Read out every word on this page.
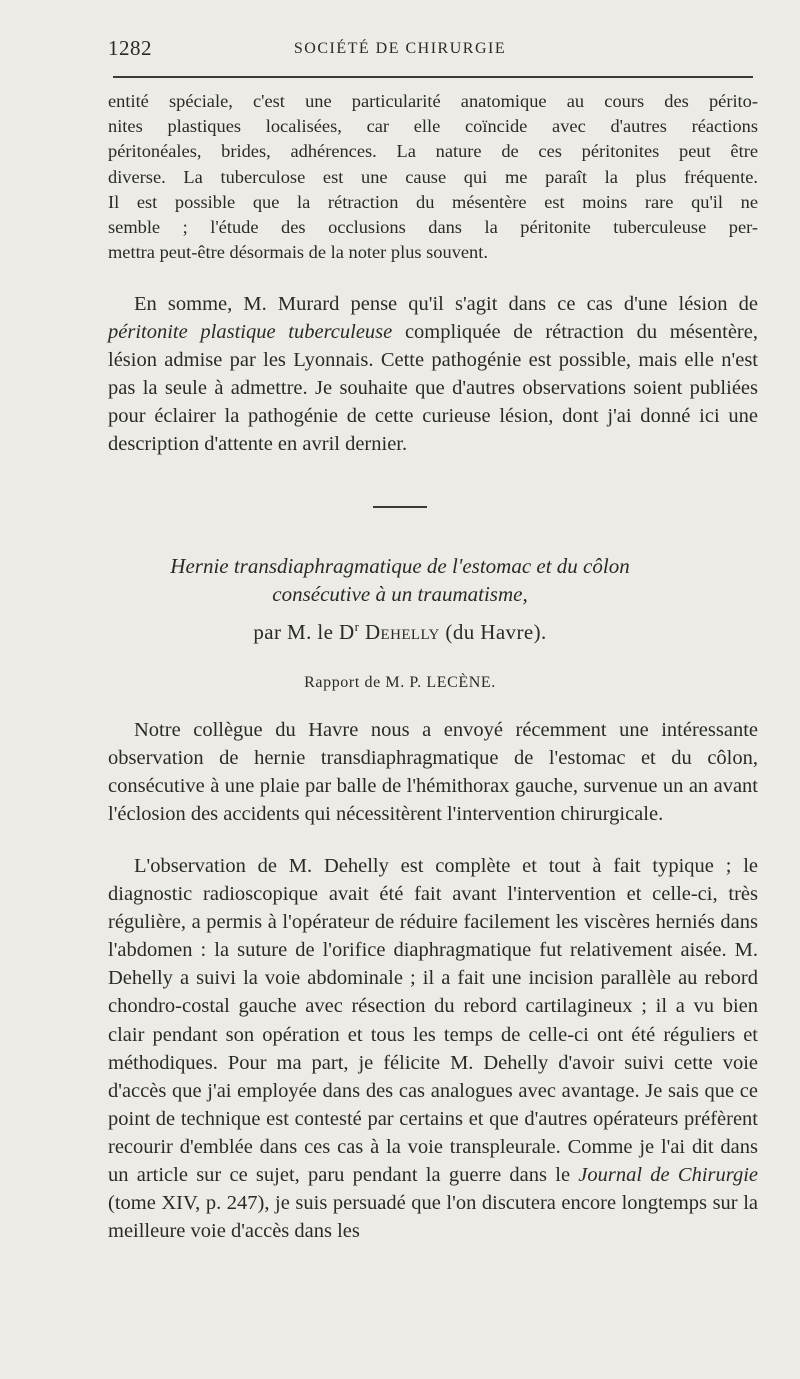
1282	SOCIÉTÉ DE CHIRURGIE
entité spéciale, c'est une particularité anatomique au cours des périto-
nites plastiques localisées, car elle coïncide avec d'autres réactions
péritonéales, brides, adhérences. La nature de ces péritonites peut être
diverse. La tuberculose est une cause qui me paraît la plus fréquente.
Il est possible que la rétraction du mésentère est moins rare qu'il ne
semble ; l'étude des occlusions dans la péritonite tuberculeuse per-
mettra peut-être désormais de la noter plus souvent.
En somme, M. Murard pense qu'il s'agit dans ce cas d'une lésion de péritonite plastique tuberculeuse compliquée de rétraction du mésentère, lésion admise par les Lyonnais. Cette pathogénie est possible, mais elle n'est pas la seule à admettre. Je souhaite que d'autres observations soient publiées pour éclairer la pathogénie de cette curieuse lésion, dont j'ai donné ici une description d'attente en avril dernier.
Hernie transdiaphragmatique de l'estomac et du côlon
consécutive à un traumatisme,
par M. le $D^r$ Dehelly (du Havre).
Rapport de M. P. LECÈNE.
Notre collègue du Havre nous a envoyé récemment une intéressante observation de hernie transdiaphragmatique de l'estomac et du côlon, consécutive à une plaie par balle de l'hémithorax gauche, survenue un an avant l'éclosion des accidents qui nécessitèrent l'intervention chirurgicale.
L'observation de M. Dehelly est complète et tout à fait typique ; le diagnostic radioscopique avait été fait avant l'intervention et celle-ci, très régulière, a permis à l'opérateur de réduire facilement les viscères herniés dans l'abdomen : la suture de l'orifice diaphragmatique fut relativement aisée. M. Dehelly a suivi la voie abdominale ; il a fait une incision parallèle au rebord chondro-costal gauche avec résection du rebord cartilagineux ; il a vu bien clair pendant son opération et tous les temps de celle-ci ont été réguliers et méthodiques. Pour ma part, je félicite M. Dehelly d'avoir suivi cette voie d'accès que j'ai employée dans des cas analogues avec avantage. Je sais que ce point de technique est contesté par certains et que d'autres opérateurs préfèrent recourir d'emblée dans ces cas à la voie transpleurale. Comme je l'ai dit dans un article sur ce sujet, paru pendant la guerre dans le Journal de Chirurgie (tome XIV, p. 247), je suis persuadé que l'on discutera encore longtemps sur la meilleure voie d'accès dans les
